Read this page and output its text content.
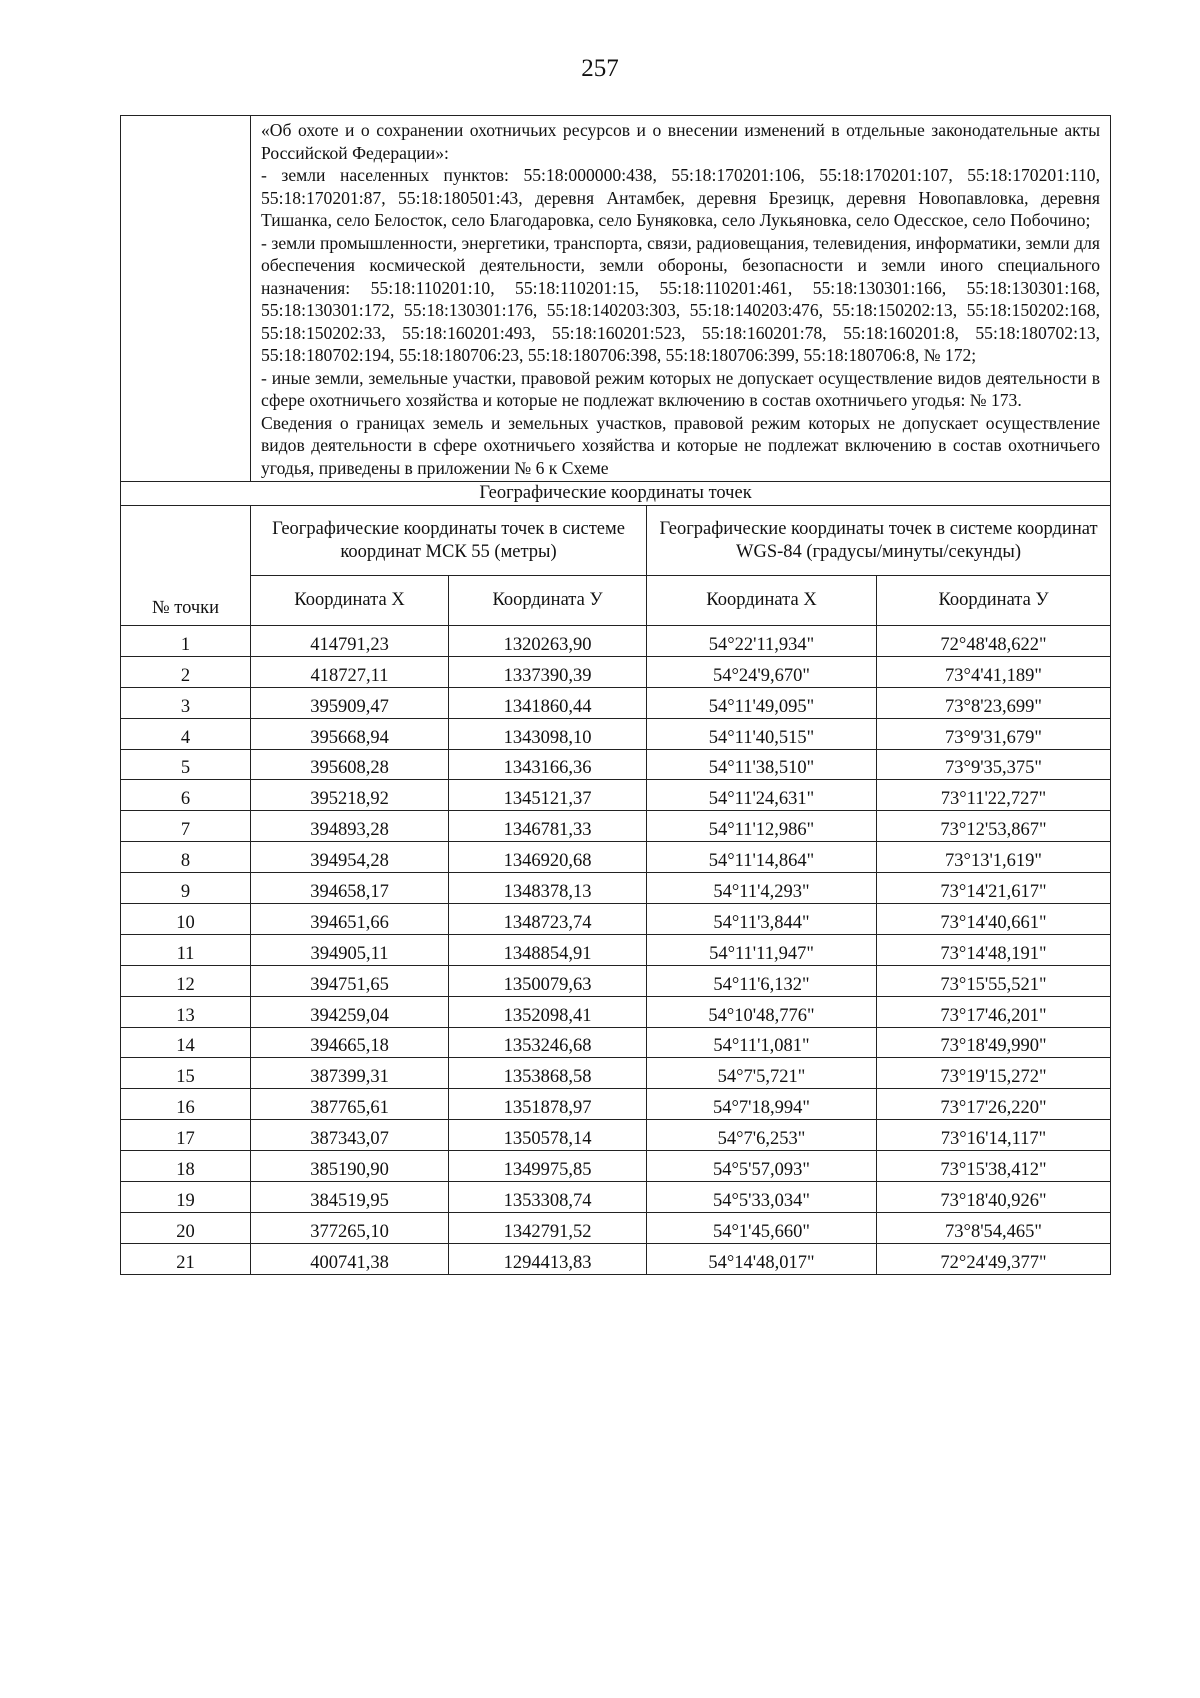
257

	«Об охоте и о сохранении охотничьих ресурсов и о внесении изменений в отдельные законодательные акты Российской Федерации»:

- земли населенных пунктов: 55:18:000000:438, 55:18:170201:106, 55:18:170201:107, 55:18:170201:110, 55:18:170201:87, 55:18:180501:43, деревня Антамбек, деревня Брезицк, деревня Новопавловка, деревня Тишанка, село Белосток, село Благодаровка, село Буняковка, село Лукьяновка, село Одесское, село Побочино;

- земли промышленности, энергетики, транспорта, связи, радиовещания, телевидения, информатики, земли для обеспечения космической деятельности, земли обороны, безопасности и земли иного специального назначения: 55:18:110201:10, 55:18:110201:15, 55:18:110201:461, 55:18:130301:166, 55:18:130301:168, 55:18:130301:172, 55:18:130301:176, 55:18:140203:303, 55:18:140203:476, 55:18:150202:13, 55:18:150202:168, 55:18:150202:33, 55:18:160201:493, 55:18:160201:523, 55:18:160201:78, 55:18:160201:8, 55:18:180702:13, 55:18:180702:194, 55:18:180706:23, 55:18:180706:398, 55:18:180706:399, 55:18:180706:8, № 172;

- иные земли, земельные участки, правовой режим которых не допускает осуществление видов деятельности в сфере охотничьего хозяйства и которые не подлежат включению в состав охотничьего угодья: № 173.

Сведения о границах земель и земельных участков, правовой режим которых не допускает осуществление видов деятельности в сфере охотничьего хозяйства и которые не подлежат включению в состав охотничьего угодья, приведены в приложении № 6 к Схеме			

Географические координаты точек				
№ точки	Географические координаты точек в системе координат МСК 55 (метры)		Географические координаты точек в системе координат WGS-84 (градусы/минуты/секунды)	
	Координата Х	Координата У	Координата Х	Координата У
1	414791,23	1320263,90	54°22'11,934"	72°48'48,622"
2	418727,11	1337390,39	54°24'9,670"	73°4'41,189"
3	395909,47	1341860,44	54°11'49,095"	73°8'23,699"
4	395668,94	1343098,10	54°11'40,515"	73°9'31,679"
5	395608,28	1343166,36	54°11'38,510"	73°9'35,375"
6	395218,92	1345121,37	54°11'24,631"	73°11'22,727"
7	394893,28	1346781,33	54°11'12,986"	73°12'53,867"
8	394954,28	1346920,68	54°11'14,864"	73°13'1,619"
9	394658,17	1348378,13	54°11'4,293"	73°14'21,617"
10	394651,66	1348723,74	54°11'3,844"	73°14'40,661"
11	394905,11	1348854,91	54°11'11,947"	73°14'48,191"
12	394751,65	1350079,63	54°11'6,132"	73°15'55,521"
13	394259,04	1352098,41	54°10'48,776"	73°17'46,201"
14	394665,18	1353246,68	54°11'1,081"	73°18'49,990"
15	387399,31	1353868,58	54°7'5,721"	73°19'15,272"
16	387765,61	1351878,97	54°7'18,994"	73°17'26,220"
17	387343,07	1350578,14	54°7'6,253"	73°16'14,117"
18	385190,90	1349975,85	54°5'57,093"	73°15'38,412"
19	384519,95	1353308,74	54°5'33,034"	73°18'40,926"
20	377265,10	1342791,52	54°1'45,660"	73°8'54,465"
21	400741,38	1294413,83	54°14'48,017"	72°24'49,377"
